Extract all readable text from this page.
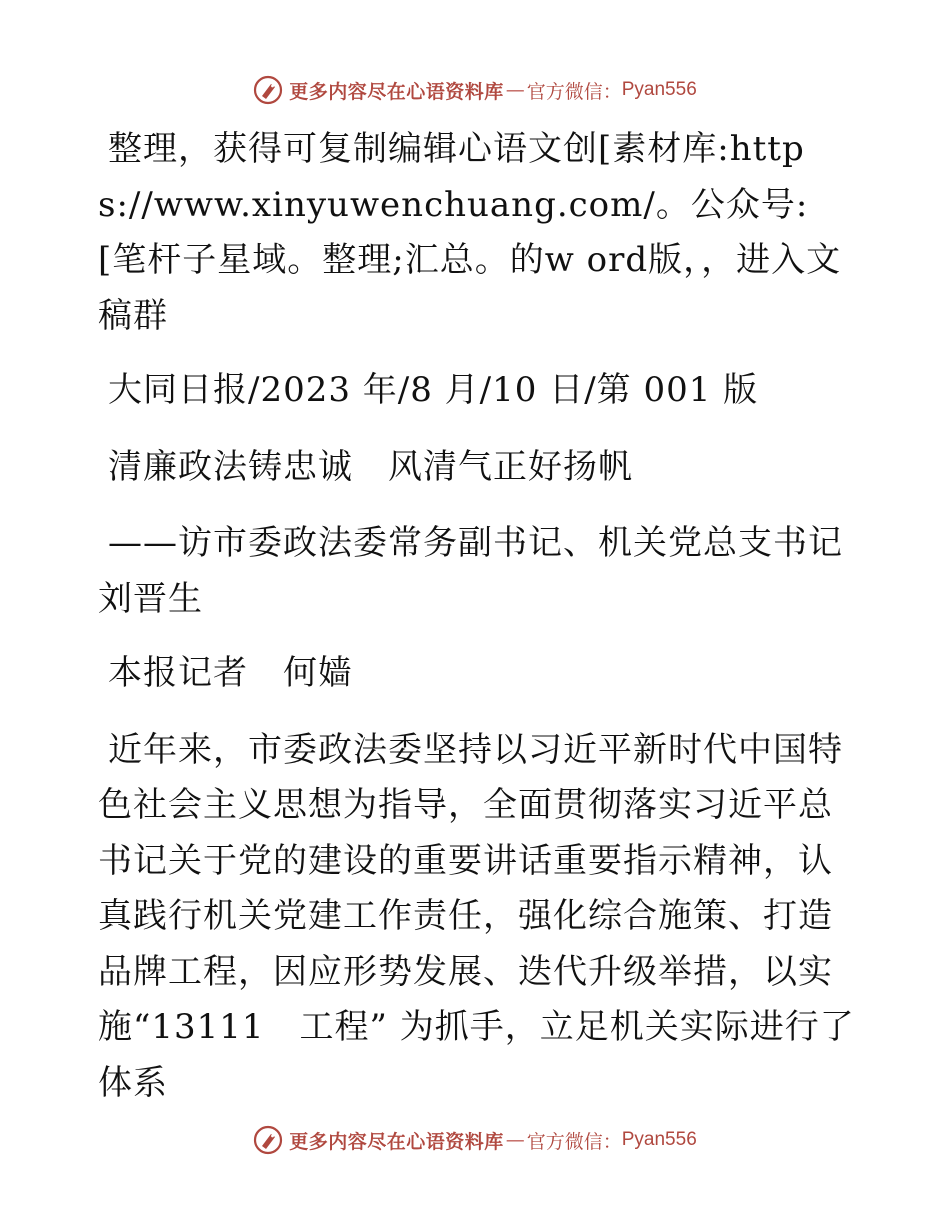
更多内容尽在心语资料库 — 官方微信： Pyan556

整理，获得可复制编辑心语文创[素材库:https://www.xinyuwenchuang.com/。公众号: [笔杆子星域。整理;汇总。的w ord版，，进入文稿群

大同日报/2023 年/8 月/10 日/第 001 版

清廉政法铸忠诚　风清气正好扬帆

——访市委政法委常务副书记、机关党总支书记刘晋生

本报记者　何嫱

近年来，市委政法委坚持以习近平新时代中国特色社会主义思想为指导，全面贯彻落实习近平总书记关于党的建设的重要讲话重要指示精神，认真践行机关党建工作责任，强化综合施策、打造品牌工程，因应形势发展、迭代升级举措，以实施“13111　工程” 为抓手，立足机关实际进行了体系

更多内容尽在心语资料库 — 官方微信： Pyan556
